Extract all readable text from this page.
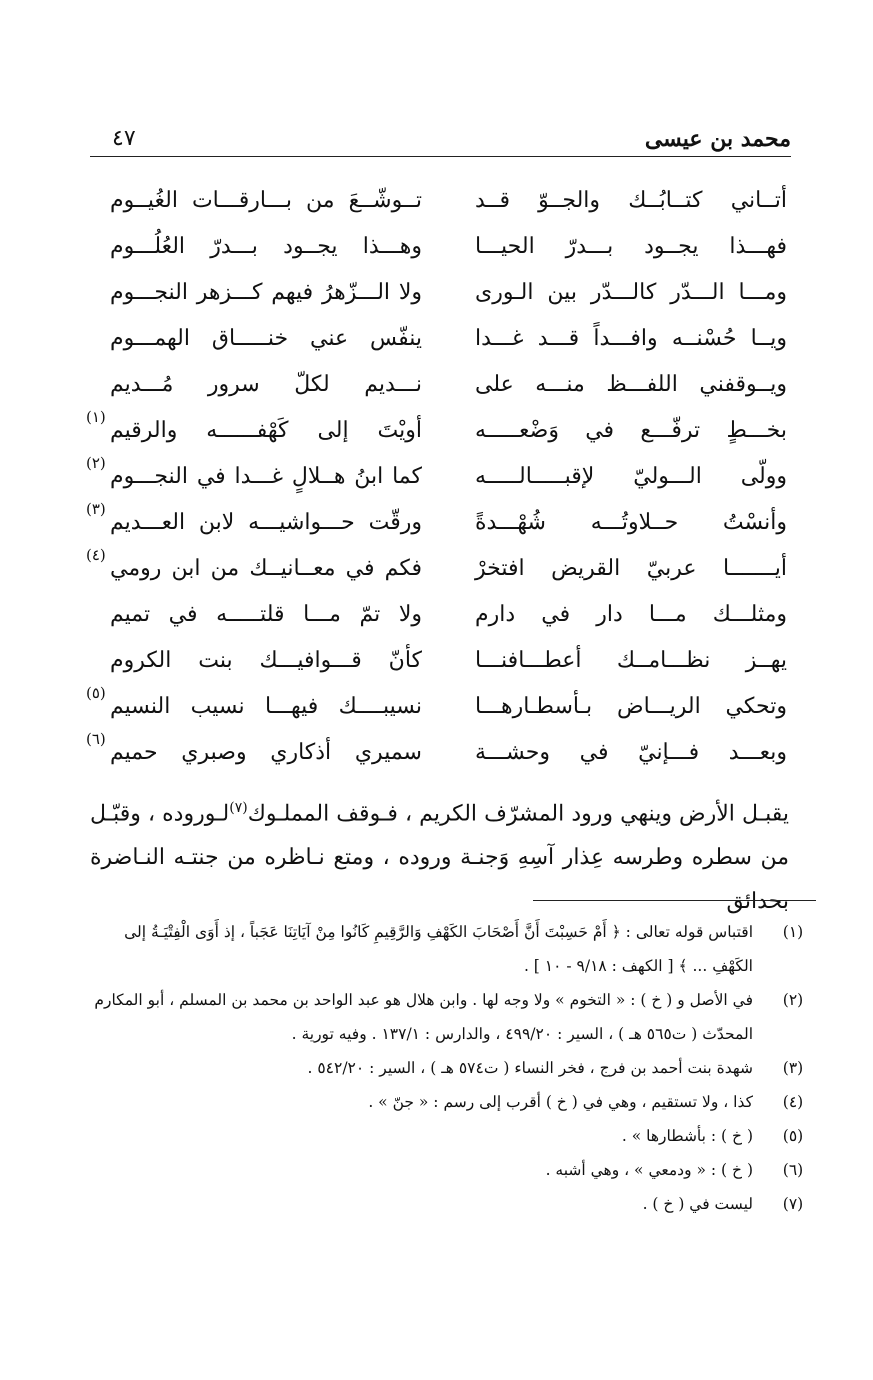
محمد بن عيسى
٤٧
أتــاني كتــابُــك والجــوّ قــد
تــوشّــعَ من بـــارقـــات الغُيــوم
فهـــذا يجــود بـــدرّ الحيـــا
وهـــذا يجــود بـــدرّ العُلُـــوم
ومـــا الـــدّر كالـــدّر بين الـورى
ولا الـــزّهرُ فيهم كـــزهر النجـــوم
ويــا حُسْنــه وافـــداً قـــد غـــدا
ينفّس عني خنـــــاق الهمـــوم
ويــوقفني اللفـــظ منـــه على
نـــديم لكلّ سرور مُـــديم
بخـــطٍ ترفّـــع في وَضْعـــــه
أويْتَ إلى كَهْفــــــه والرقيم
(١)
وولّى الـــوليّ لإقبـــــالـــــه
كما ابنُ هــلالٍ غـــدا في النجـــوم
(٢)
وأنسْتُ حــلاوتُـــه شُهْـــدةً
ورقّت حـــواشيـــه لابن العـــديم
(٣)
أيـــــــا عربيّ القريض افتخرْ
فكم في معــانيــك من ابن رومي
(٤)
ومثلـــك مـــا دار في دارم
ولا تمّ مـــا قلتـــــه في تميم
يهــز نظـــامــك أعطـــافنـــا
كأنّ قـــوافيـــك بنت الكروم
وتحكي الريـــاض بـأسطـارهـــا
نسيبــــك فيهـــا نسيب النسيم
(٥)
وبعـــد فـــإنيّ في وحشـــة
سميري أذكاري وصبري حميم
(٦)
يقبـل الأرض وينهي ورود المشرّف الكريم ، فـوقف المملـوك$^{(٧)}$لـوروده ، وقبّـل
من سطره وطرسه عِذار آسِهِ وَجنـة وروده ، ومتع نـاظره من جنتـه النـاضرة بحدائق
(١)
اقتباس قوله تعالى : ﴿ أَمْ حَسِبْتَ أَنَّ أَصْحَابَ الكَهْفِ وَالرَّقِيمِ كَانُوا مِنْ آيَاتِنَا عَجَباً ، إذ أَوَى الْفِتْيَـةُ إلى الكَهْفِ ... ﴾ [ الكهف : ٩/١٨ - ١٠ ] .
(٢)
في الأصل و ( خ ) : « التخوم » ولا وجه لها . وابن هلال هو عبد الواحد بن محمد بن المسلم ، أبو المكارم المحدّث ( ت٥٦٥ هـ ) ، السير : ٤٩٩/٢٠ ، والدارس : ١٣٧/١ . وفيه تورية .
(٣)
شهدة بنت أحمد بن فرج ، فخر النساء ( ت٥٧٤ هـ ) ، السير : ٥٤٢/٢٠ .
(٤)
كذا ، ولا تستقيم ، وهي في ( خ ) أقرب إلى رسم : « جنّ » .
(٥)
( خ ) : بأشطارها » .
(٦)
( خ ) : « ودمعي » ، وهي أشبه .
(٧)
ليست في ( خ ) .
